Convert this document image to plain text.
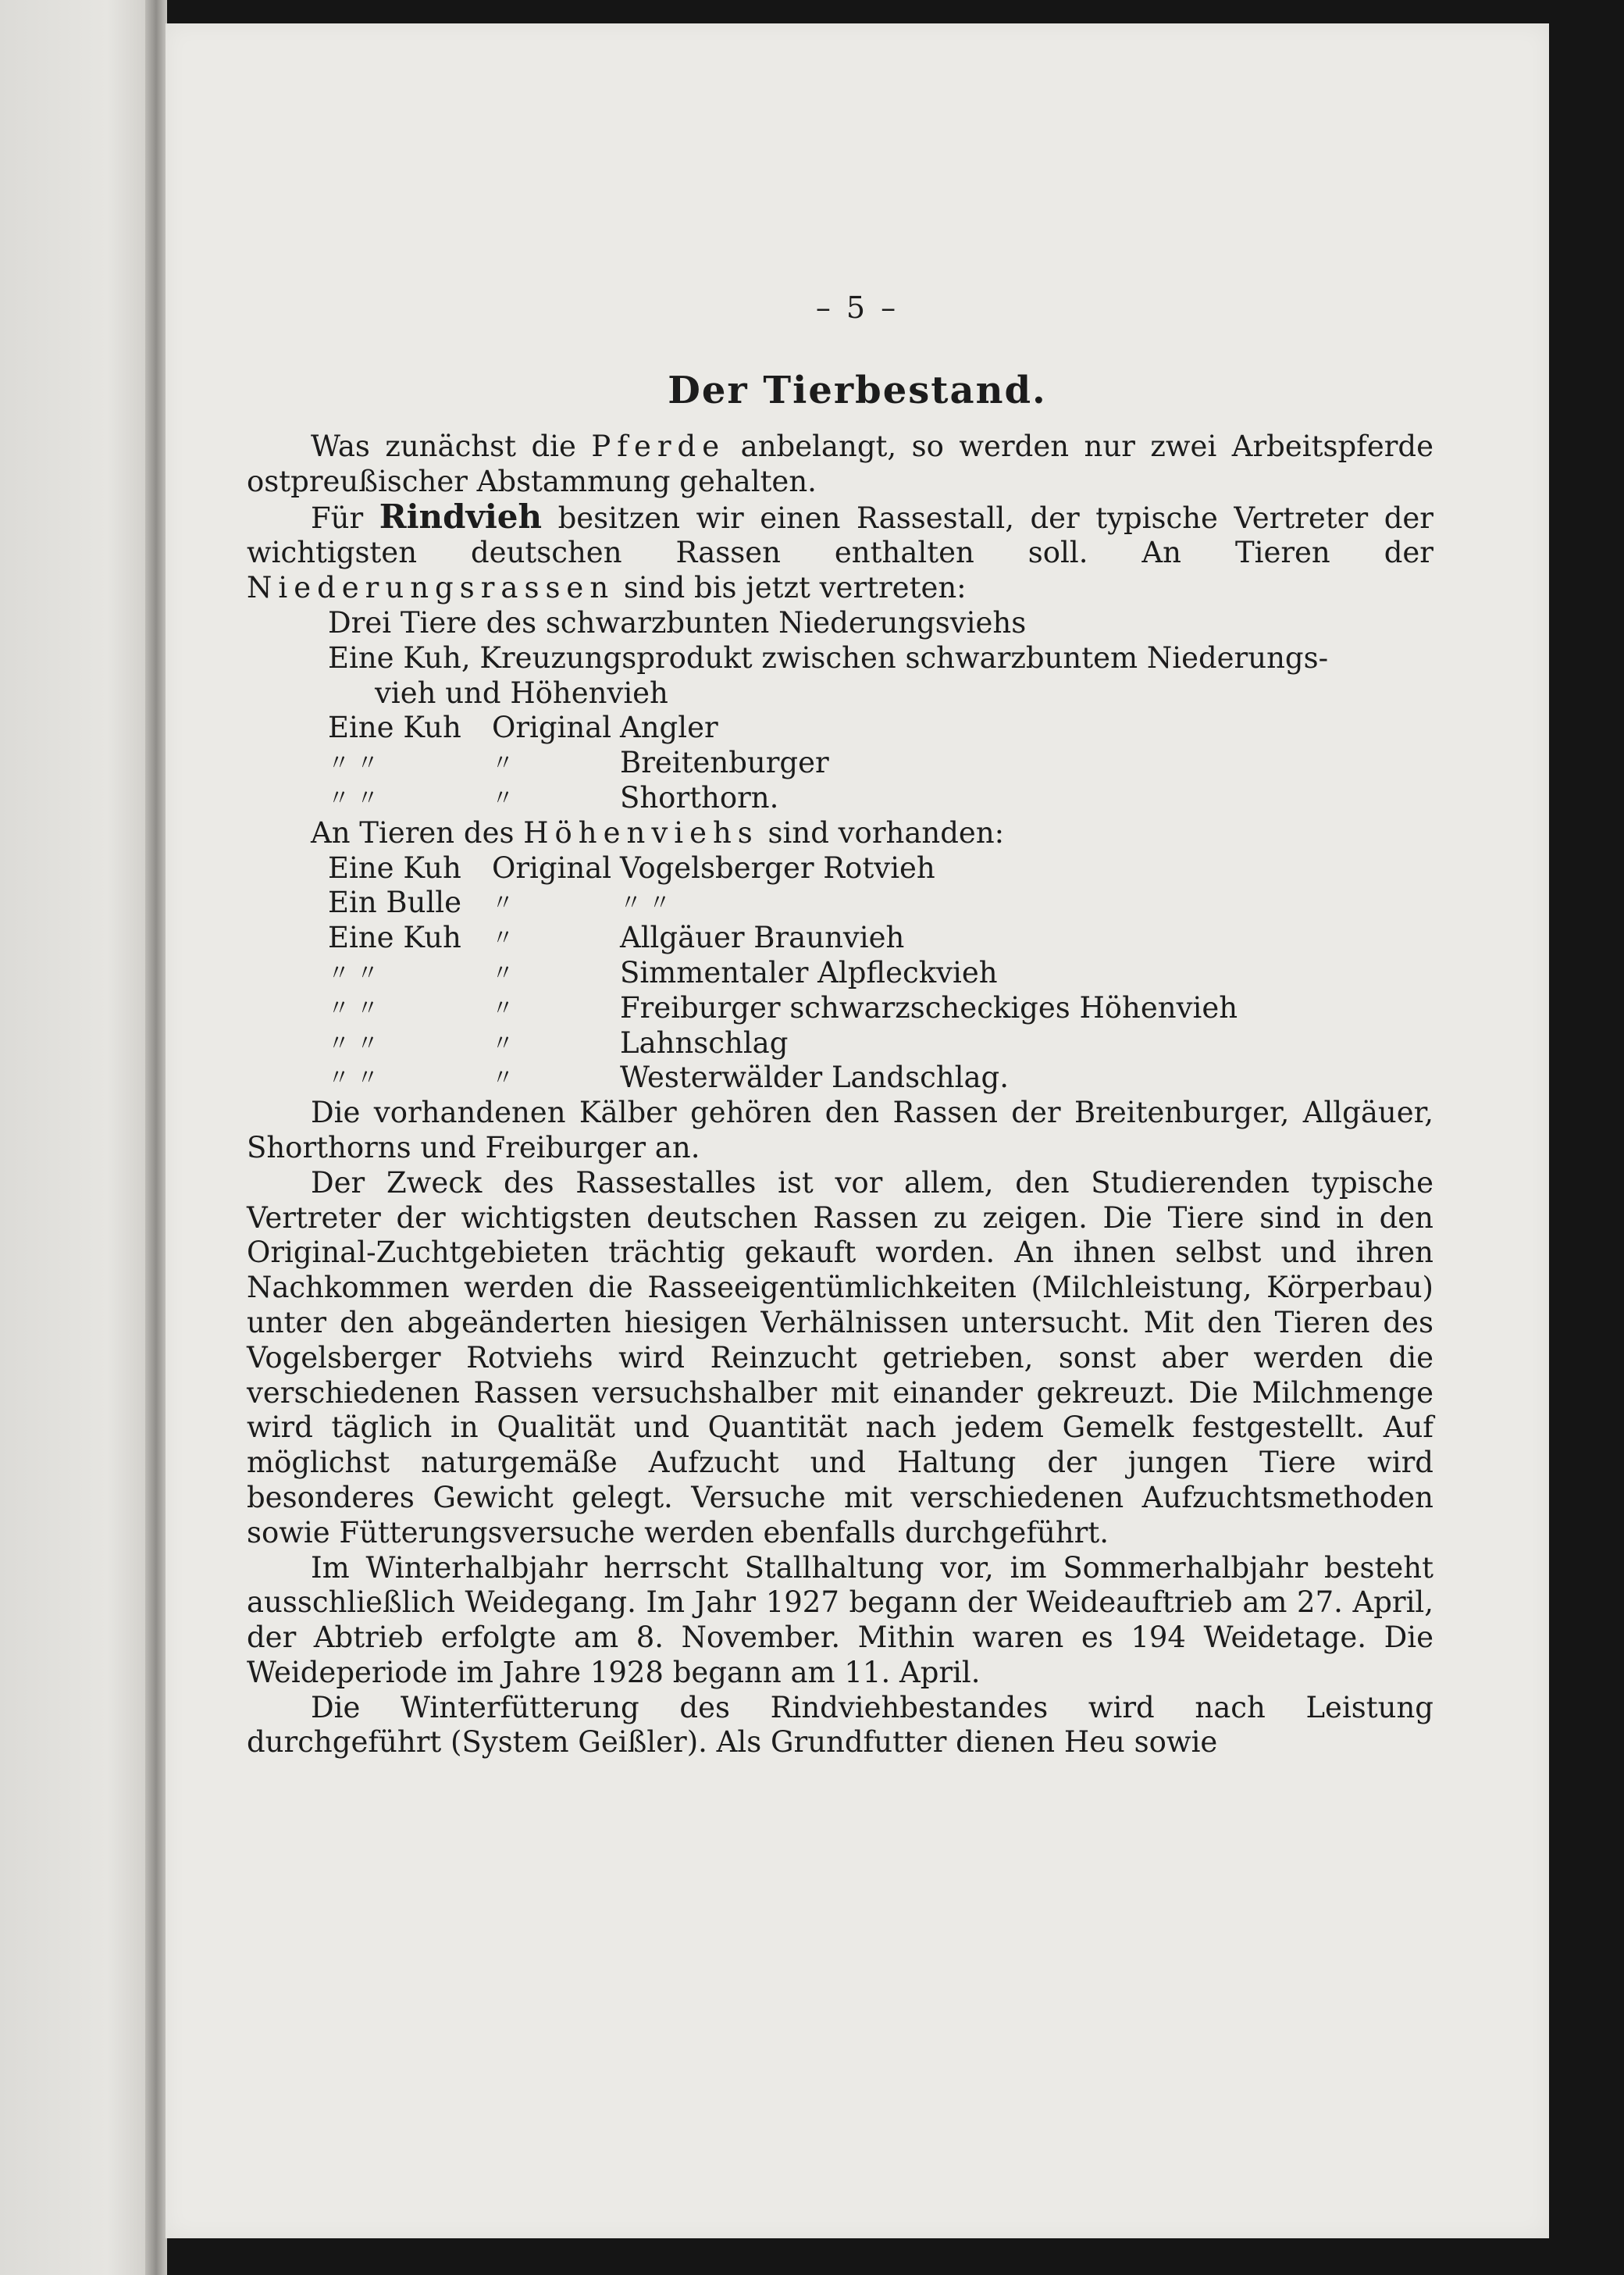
– 5 –
Der Tierbestand.

Was zunächst die Pferde anbelangt, so werden nur zwei Arbeitspferde ostpreußischer Abstammung gehalten.

Für Rindvieh besitzen wir einen Rassestall, der typische Vertreter der wichtigsten deutschen Rassen enthalten soll. An Tieren der Niederungsrassen sind bis jetzt vertreten:

Drei Tiere des schwarzbunten Niederungsviehs
Eine Kuh, Kreuzungsprodukt zwischen schwarzbuntem Niederungs-
vieh und Höhenvieh
Eine Kuh	Original Angler
〃 〃	〃	Breitenburger
〃 〃	〃	Shorthorn.

An Tieren des Höhenviehs sind vorhanden:

Eine Kuh	Original Vogelsberger Rotvieh
Ein Bulle	〃	〃 〃
Eine Kuh	〃	Allgäuer Braunvieh
〃 〃	〃	Simmentaler Alpfleckvieh
〃 〃	〃	Freiburger schwarzscheckiges Höhenvieh
〃 〃	〃	Lahnschlag
〃 〃	〃	Westerwälder Landschlag.

Die vorhandenen Kälber gehören den Rassen der Breitenburger, Allgäuer, Shorthorns und Freiburger an.

Der Zweck des Rassestalles ist vor allem, den Studierenden typische Vertreter der wichtigsten deutschen Rassen zu zeigen. Die Tiere sind in den Original-Zuchtgebieten trächtig gekauft worden. An ihnen selbst und ihren Nachkommen werden die Rasseeigentümlichkeiten (Milchleistung, Körperbau) unter den abgeänderten hiesigen Verhälnissen untersucht. Mit den Tieren des Vogelsberger Rotviehs wird Reinzucht getrieben, sonst aber werden die verschiedenen Rassen versuchshalber mit einander gekreuzt. Die Milchmenge wird täglich in Qualität und Quantität nach jedem Gemelk festgestellt. Auf möglichst naturgemäße Aufzucht und Haltung der jungen Tiere wird besonderes Gewicht gelegt. Versuche mit verschiedenen Aufzuchtsmethoden sowie Fütterungsversuche werden ebenfalls durchgeführt.

Im Winterhalbjahr herrscht Stallhaltung vor, im Sommerhalbjahr besteht ausschließlich Weidegang. Im Jahr 1927 begann der Weideauftrieb am 27. April, der Abtrieb erfolgte am 8. November. Mithin waren es 194 Weidetage. Die Weideperiode im Jahre 1928 begann am 11. April.

Die Winterfütterung des Rindviehbestandes wird nach Leistung durchgeführt (System Geißler). Als Grundfutter dienen Heu sowie
